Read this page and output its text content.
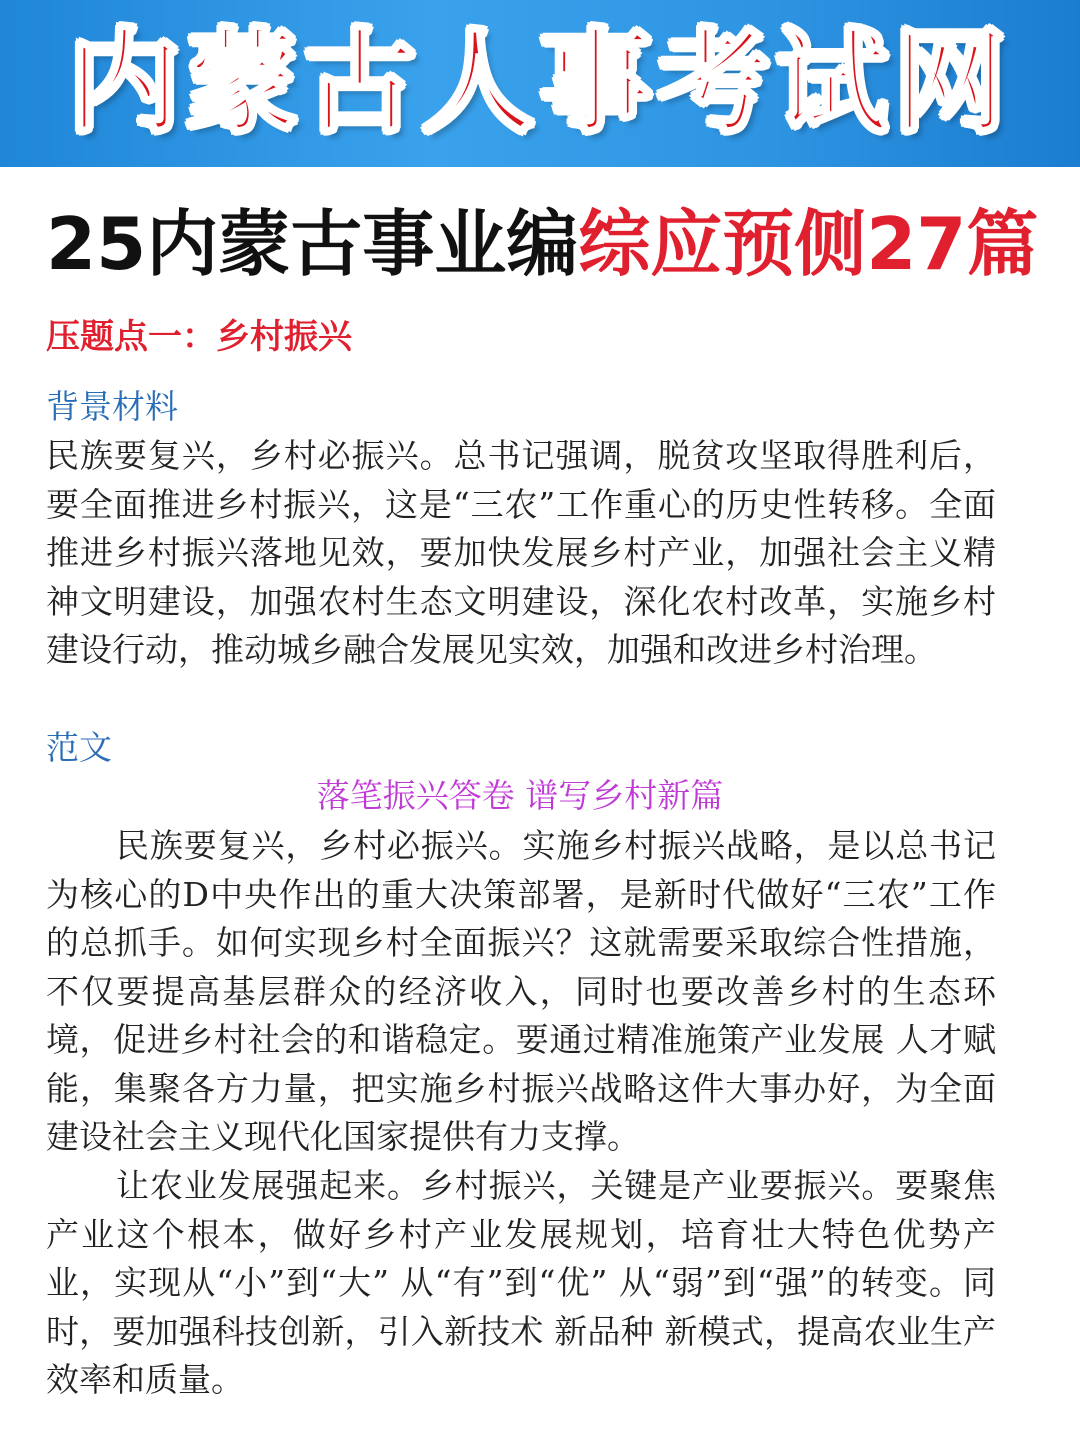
内蒙古人事考试网
25内蒙古事业编综应预侧27篇
压题点一：乡村振兴
背景材料

民族要复兴，乡村必振兴。总书记强调，脱贫攻坚取得胜利后，要全面推进乡村振兴，这是“三农”工作重心的历史性转移。全面推进乡村振兴落地见效，要加快发展乡村产业，加强社会主义精神文明建设，加强农村生态文明建设，深化农村改革，实施乡村建设行动，推动城乡融合发展见实效，加强和改进乡村治理。

范文
落笔振兴答卷 谱写乡村新篇

民族要复兴，乡村必振兴。实施乡村振兴战略，是以总书记为核心的D中央作出的重大决策部署，是新时代做好“三农”工作的总抓手。如何实现乡村全面振兴？这就需要采取综合性措施，不仅要提高基层群众的经济收入，同时也要改善乡村的生态环境，促进乡村社会的和谐稳定。要通过精准施策产业发展 人才赋能，集聚各方力量，把实施乡村振兴战略这件大事办好，为全面建设社会主义现代化国家提供有力支撑。

让农业发展强起来。乡村振兴，关键是产业要振兴。要聚焦产业这个根本，做好乡村产业发展规划，培育壮大特色优势产业，实现从“小”到“大” 从“有”到“优” 从“弱”到“强”的转变。同时，要加强科技创新，引入新技术 新品种 新模式，提高农业生产效率和质量。
